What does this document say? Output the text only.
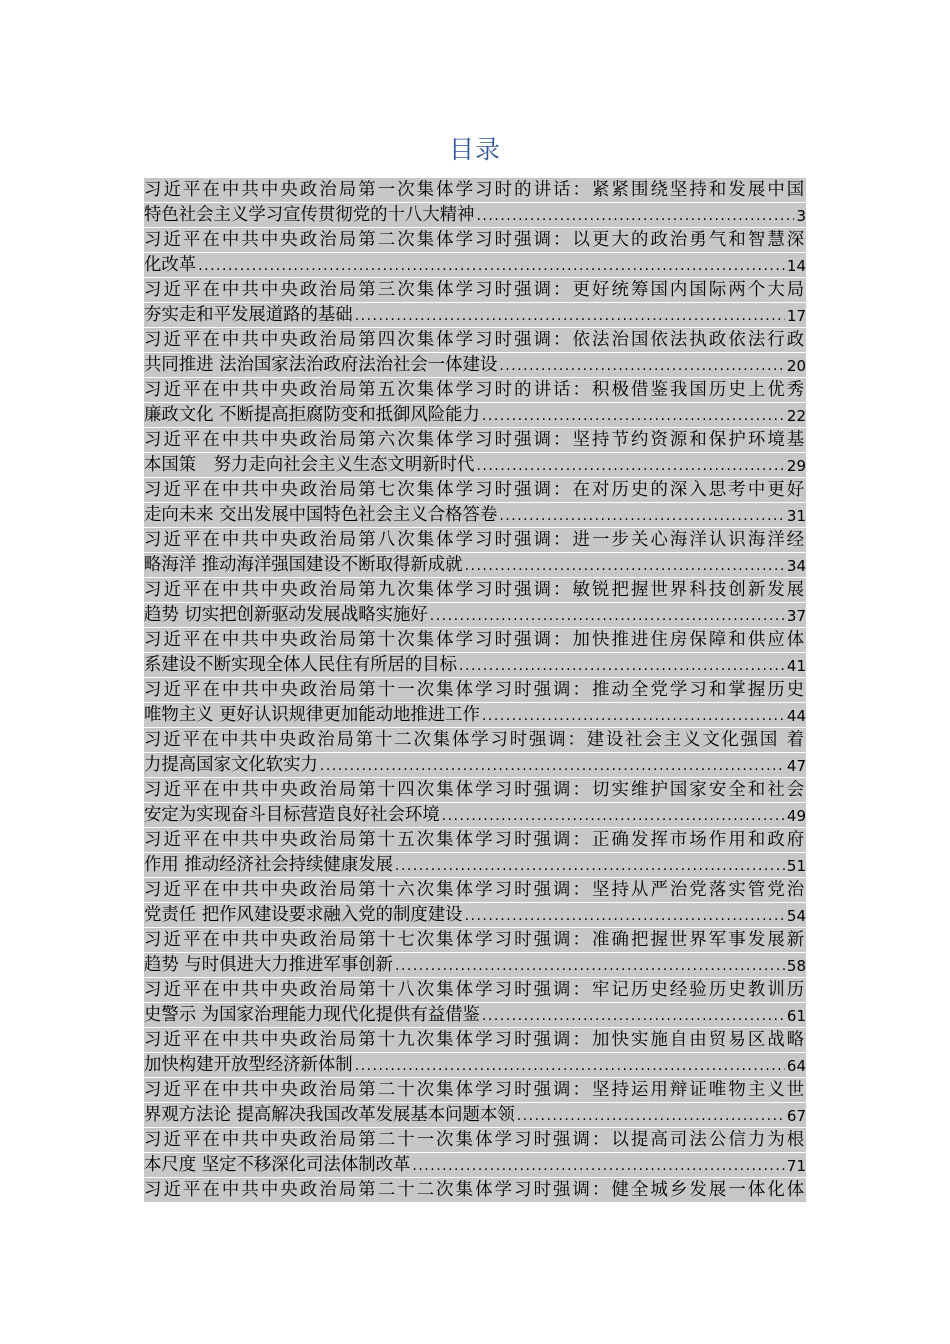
目录
习近平在中共中央政治局第一次集体学习时的讲话：紧紧围绕坚持和发展中国
特色社会主义学习宣传贯彻党的十八大精神 .....	3
习近平在中共中央政治局第二次集体学习时强调：以更大的政治勇气和智慧深
化改革 .....	14
习近平在中共中央政治局第三次集体学习时强调：更好统筹国内国际两个大局
夯实走和平发展道路的基础 .....	17
习近平在中共中央政治局第四次集体学习时强调：依法治国依法执政依法行政
共同推进 法治国家法治政府法治社会一体建设 .....	20
习近平在中共中央政治局第五次集体学习时的讲话：积极借鉴我国历史上优秀
廉政文化 不断提高拒腐防变和抵御风险能力 .....	22
习近平在中共中央政治局第六次集体学习时强调：坚持节约资源和保护环境基
本国策　努力走向社会主义生态文明新时代 .....	29
习近平在中共中央政治局第七次集体学习时强调：在对历史的深入思考中更好
走向未来 交出发展中国特色社会主义合格答卷 .....	31
习近平在中共中央政治局第八次集体学习时强调：进一步关心海洋认识海洋经
略海洋 推动海洋强国建设不断取得新成就 .....	34
习近平在中共中央政治局第九次集体学习时强调：敏锐把握世界科技创新发展
趋势 切实把创新驱动发展战略实施好 .....	37
习近平在中共中央政治局第十次集体学习时强调：加快推进住房保障和供应体
系建设不断实现全体人民住有所居的目标 .....	41
习近平在中共中央政治局第十一次集体学习时强调：推动全党学习和掌握历史
唯物主义 更好认识规律更加能动地推进工作 .....	44
习近平在中共中央政治局第十二次集体学习时强调：建设社会主义文化强国 着
力提高国家文化软实力 .....	47
习近平在中共中央政治局第十四次集体学习时强调：切实维护国家安全和社会
安定为实现奋斗目标营造良好社会环境 .....	49
习近平在中共中央政治局第十五次集体学习时强调：正确发挥市场作用和政府
作用 推动经济社会持续健康发展 .....	51
习近平在中共中央政治局第十六次集体学习时强调：坚持从严治党落实管党治
党责任 把作风建设要求融入党的制度建设 .....	54
习近平在中共中央政治局第十七次集体学习时强调：准确把握世界军事发展新
趋势 与时俱进大力推进军事创新 .....	58
习近平在中共中央政治局第十八次集体学习时强调：牢记历史经验历史教训历
史警示 为国家治理能力现代化提供有益借鉴 .....	61
习近平在中共中央政治局第十九次集体学习时强调：加快实施自由贸易区战略
加快构建开放型经济新体制 .....	64
习近平在中共中央政治局第二十次集体学习时强调：坚持运用辩证唯物主义世
界观方法论 提高解决我国改革发展基本问题本领 .....	67
习近平在中共中央政治局第二十一次集体学习时强调：以提高司法公信力为根
本尺度 坚定不移深化司法体制改革 .....	71
习近平在中共中央政治局第二十二次集体学习时强调：健全城乡发展一体化体
